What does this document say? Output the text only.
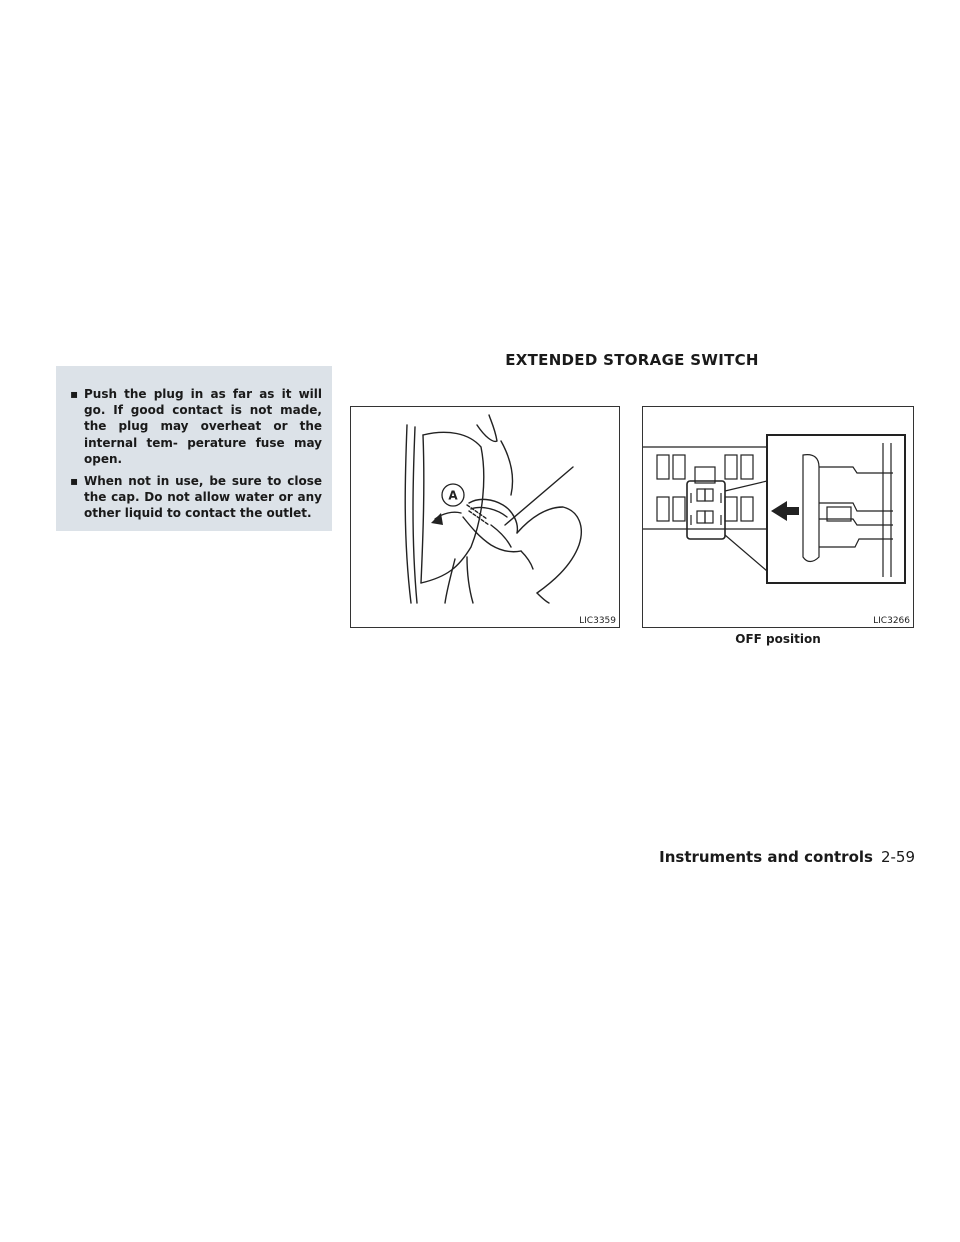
EXTENDED STORAGE SWITCH
▪ Push the plug in as far as it will go. If good contact is not made, the plug may overheat or the internal tem- perature fuse may open.
▪ When not in use, be sure to close the cap. Do not allow water or any other liquid to contact the outlet.
A
LIC3359	LIC3266
OFF position
Instruments and controls 2-59
